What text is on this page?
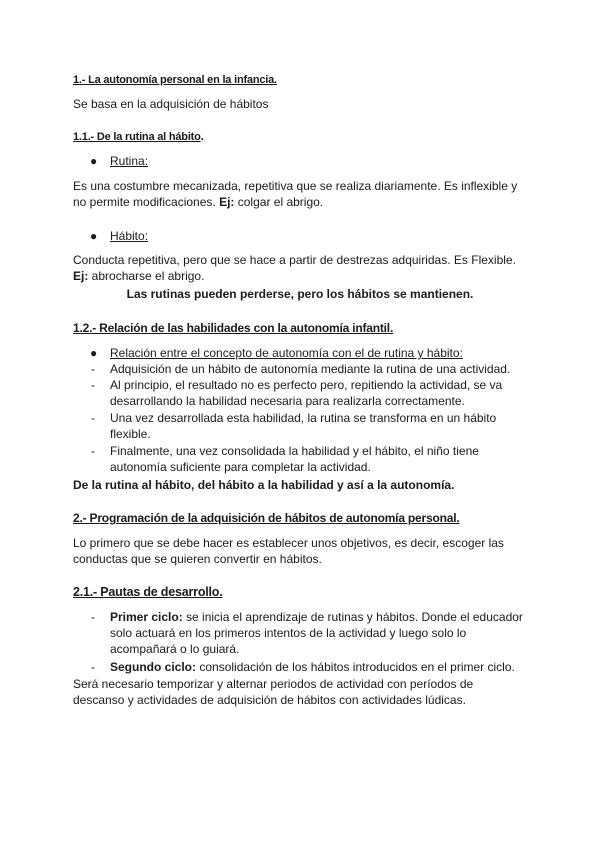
1.- La autonomía personal en la infancia.

Se basa en la adquisición de hábitos

1.1.- De la rutina al hábito.

● Rutina:

Es una costumbre mecanizada, repetitiva que se realiza diariamente. Es inflexible y

no permite modificaciones. Ej: colgar el abrigo.

● Hábito:

Conducta repetitiva, pero que se hace a partir de destrezas adquiridas. Es Flexible.

Ej: abrocharse el abrigo.

Las rutinas pueden perderse, pero los hábitos se mantienen.

1.2.- Relación de las habilidades con la autonomía infantil.

● Relación entre el concepto de autonomía con el de rutina y hábito:

- Adquisición de un hábito de autonomía mediante la rutina de una actividad.

- Al principio, el resultado no es perfecto pero, repitiendo la actividad, se va

desarrollando la habilidad necesaria para realizarla correctamente.

- Una vez desarrollada esta habilidad, la rutina se transforma en un hábito

flexible.

- Finalmente, una vez consolidada la habilidad y el hábito, el niño tiene

autonomía suficiente para completar la actividad.

De la rutina al hábito, del hábito a la habilidad y así a la autonomía.

2.- Programación de la adquisición de hábitos de autonomía personal.

Lo primero que se debe hacer es establecer unos objetivos, es decir, escoger las

conductas que se quieren convertir en hábitos.

2.1.- Pautas de desarrollo.

- Primer ciclo: se inicia el aprendizaje de rutinas y hábitos. Donde el educador

solo actuará en los primeros intentos de la actividad y luego solo lo

acompañará o lo guiará.

- Segundo ciclo: consolidación de los hábitos introducidos en el primer ciclo.

Será necesario temporizar y alternar periodos de actividad con períodos de

descanso y actividades de adquisición de hábitos con actividades lúdicas.
